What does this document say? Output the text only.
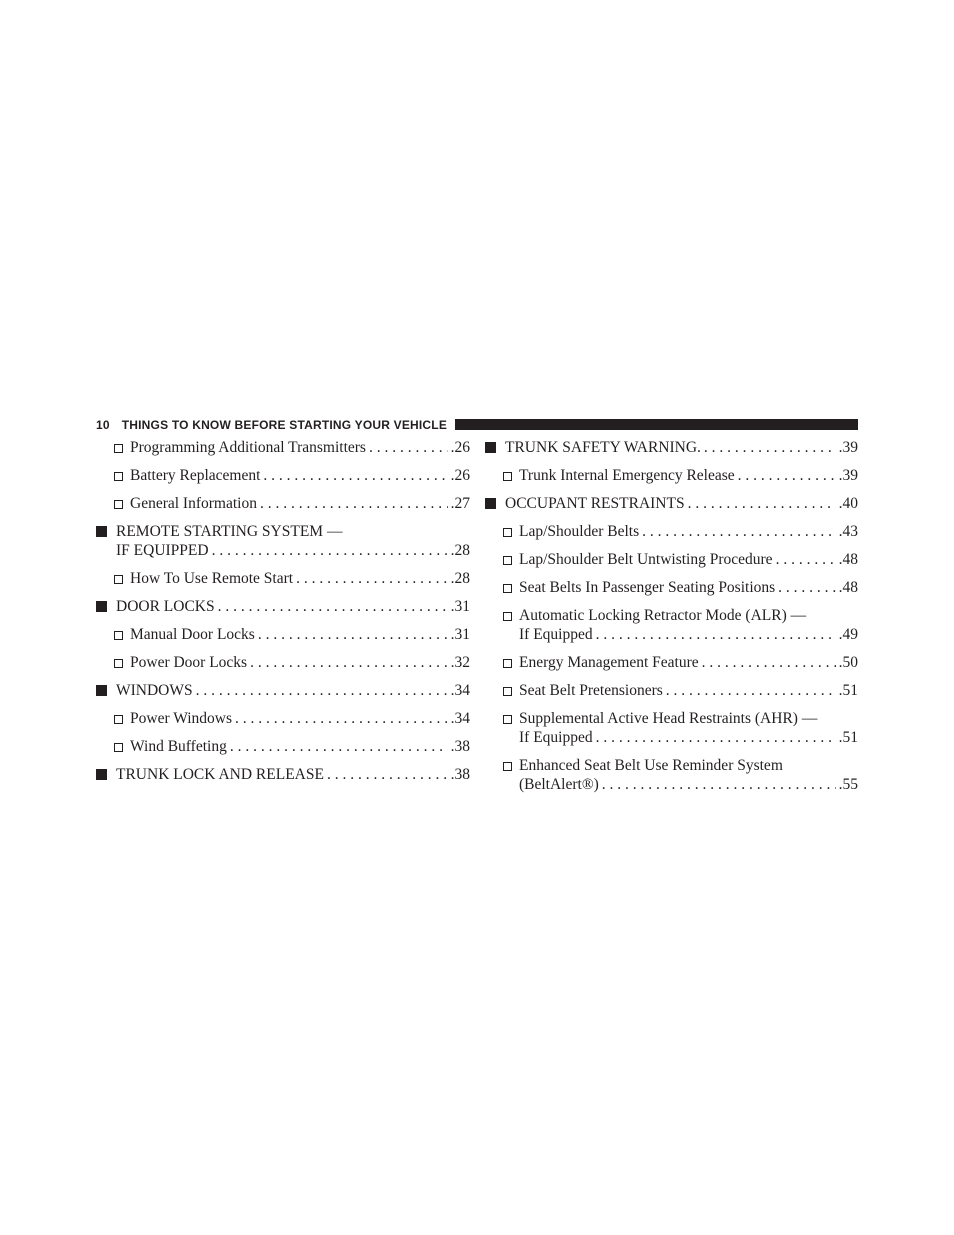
10 THINGS TO KNOW BEFORE STARTING YOUR VEHICLE
Programming Additional Transmitters . . .	.26
Battery Replacement . . .	.26
General Information . . .	.27
REMOTE STARTING SYSTEM —
IF EQUIPPED . . .	.28
How To Use Remote Start . . .	.28
DOOR LOCKS . . .	.31
Manual Door Locks . . .	.31
Power Door Locks . . .	.32
WINDOWS . . .	.34
Power Windows . . .	.34
Wind Buffeting . . .	.38
TRUNK LOCK AND RELEASE . . .	.38
TRUNK SAFETY WARNING. . . .	.39
Trunk Internal Emergency Release . . .	.39
OCCUPANT RESTRAINTS . . .	.40
Lap/Shoulder Belts . . .	.43
Lap/Shoulder Belt Untwisting Procedure . . .	.48
Seat Belts In Passenger Seating Positions . . .	.48
Automatic Locking Retractor Mode (ALR) —
If Equipped . . .	.49
Energy Management Feature . . .	.50
Seat Belt Pretensioners . . .	.51
Supplemental Active Head Restraints (AHR) —
If Equipped . . .	.51
Enhanced Seat Belt Use Reminder System
(BeltAlert®) . . .	.55
